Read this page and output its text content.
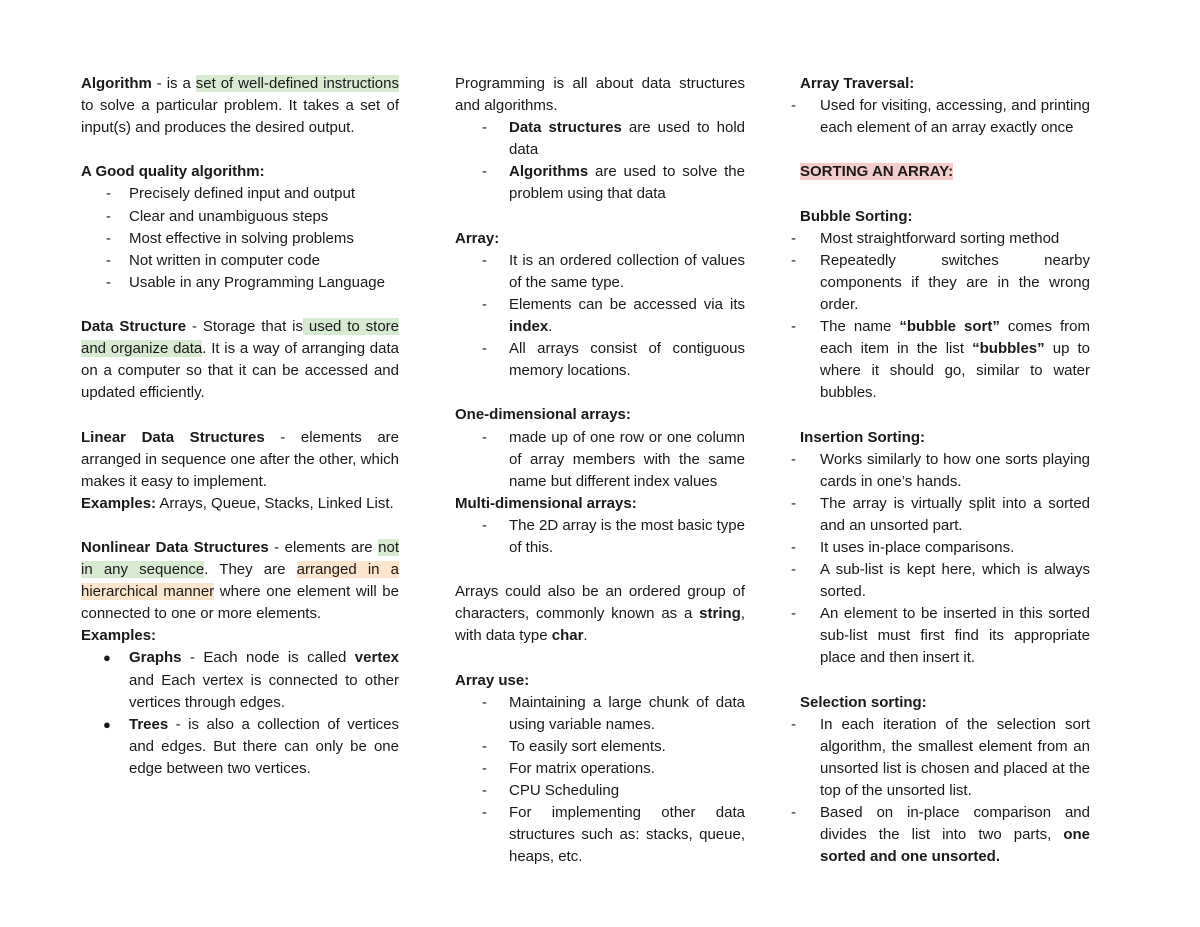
Algorithm - is a set of well-defined instructions to solve a particular problem. It takes a set of input(s) and produces the desired output.

A Good quality algorithm:

- Precisely defined input and output
- Clear and unambiguous steps
- Most effective in solving problems
- Not written in computer code
- Usable in any Programming Language

Data Structure - Storage that is used to store and organize data. It is a way of arranging data on a computer so that it can be accessed and updated efficiently.

Linear Data Structures - elements are arranged in sequence one after the other, which makes it easy to implement.

Examples: Arrays, Queue, Stacks, Linked List.

Nonlinear Data Structures - elements are not in any sequence. They are arranged in a hierarchical manner where one element will be connected to one or more elements.

Examples:

● Graphs - Each node is called vertex and Each vertex is connected to other vertices through edges.
● Trees - is also a collection of vertices and edges. But there can only be one edge between two vertices.

Programming is all about data structures and algorithms.

- Data structures are used to hold data
- Algorithms are used to solve the problem using that data

Array:

- It is an ordered collection of values of the same type.
- Elements can be accessed via its index.
- All arrays consist of contiguous memory locations.

One-dimensional arrays:

- made up of one row or one column of array members with the same name but different index values

Multi-dimensional arrays:

- The 2D array is the most basic type of this.

Arrays could also be an ordered group of characters, commonly known as a string, with data type char.

Array use:

- Maintaining a large chunk of data using variable names.
- To easily sort elements.
- For matrix operations.
- CPU Scheduling
- For implementing other data structures such as: stacks, queue, heaps, etc.

Array Traversal:

- Used for visiting, accessing, and printing each element of an array exactly once

SORTING AN ARRAY:

Bubble Sorting:

- Most straightforward sorting method
- Repeatedly switches nearby components if they are in the wrong order.
- The name “bubble sort” comes from each item in the list “bubbles” up to where it should go, similar to water bubbles.

Insertion Sorting:

- Works similarly to how one sorts playing cards in one’s hands.
- The array is virtually split into a sorted and an unsorted part.
- It uses in-place comparisons.
- A sub-list is kept here, which is always sorted.
- An element to be inserted in this sorted sub-list must first find its appropriate place and then insert it.

Selection sorting:

- In each iteration of the selection sort algorithm, the smallest element from an unsorted list is chosen and placed at the top of the unsorted list.
- Based on in-place comparison and divides the list into two parts, one sorted and one unsorted.
